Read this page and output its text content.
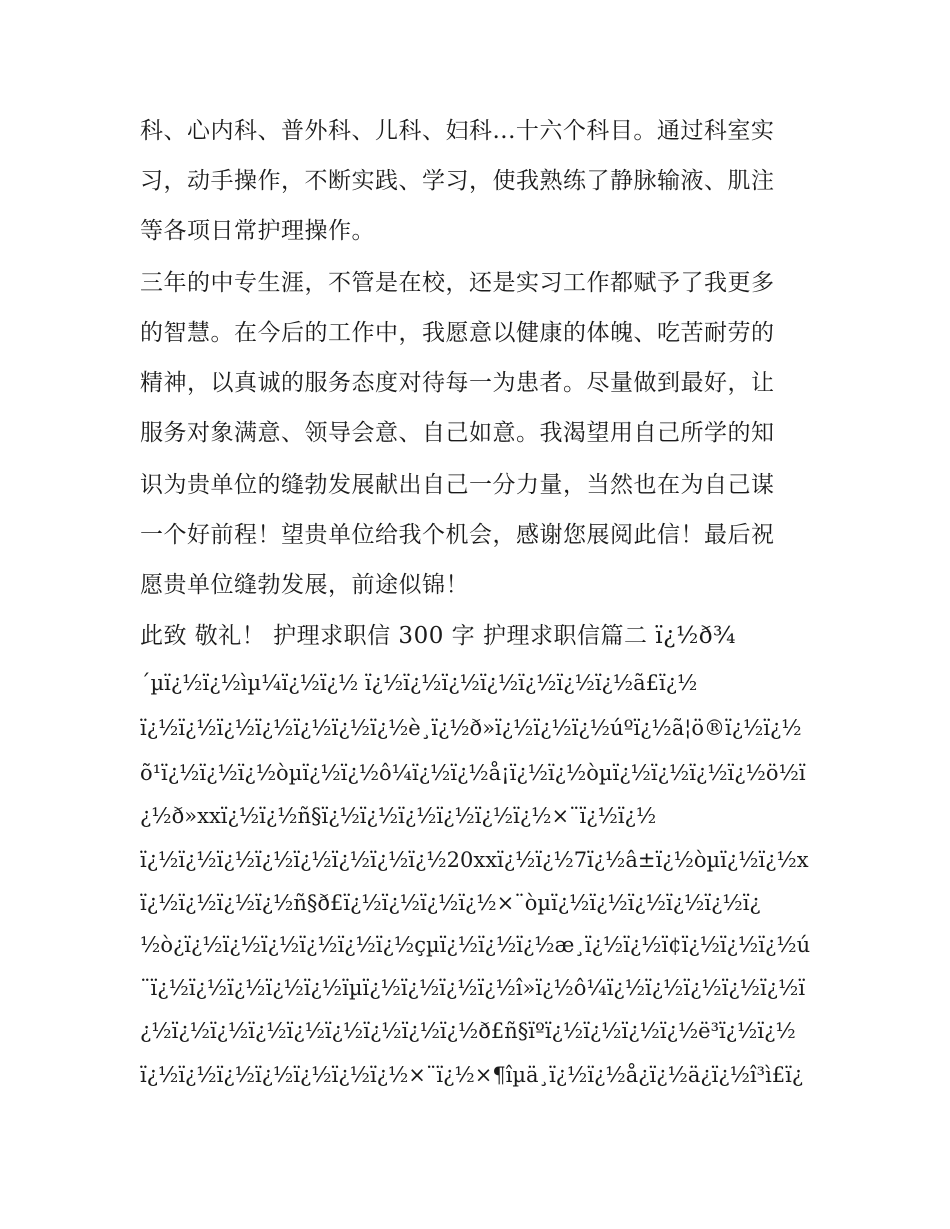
科、心内科、普外科、儿科、妇科...十六个科目。通过科室实
习，动手操作，不断实践、学习，使我熟练了静脉输液、肌注
等各项日常护理操作。
三年的中专生涯，不管是在校，还是实习工作都赋予了我更多
的智慧。在今后的工作中，我愿意以健康的体魄、吃苦耐劳的
精神，以真诚的服务态度对待每一为患者。尽量做到最好，让
服务对象满意、领导会意、自己如意。我渴望用自己所学的知
识为贵单位的缝勃发展献出自己一分力量，当然也在为自己谋
一个好前程！望贵单位给我个机会，感谢您展阅此信！最后祝
愿贵单位缝勃发展，前途似锦！
此致 敬礼！ 护理求职信 300 字 护理求职信篇二 ï¿½ð¾
´µï¿½ï¿½ìµ¼ï¿½ï¿½ ï¿½ï¿½ï¿½ï¿½ï¿½ï¿½ï¿½ã£ï¿½
ï¿½ï¿½ï¿½ï¿½ï¿½ï¿½ï¿½è¸ï¿½ð»ï¿½ï¿½ï¿½úºï¿½ã¦ö®ï¿½ï¿½
õ¹ï¿½ï¿½ï¿½òµï¿½ï¿½ô¼ï¿½ï¿½å¡ï¿½ï¿½òµï¿½ï¿½ï¿½ï¿½ö½ï
¿½ð»xxï¿½ï¿½ñ§ï¿½ï¿½ï¿½ï¿½ï¿½ï¿½×¨ï¿½ï¿½
ï¿½ï¿½ï¿½ï¿½ï¿½ï¿½ï¿½ï¿½20xxï¿½ï¿½7ï¿½â±ï¿½òµï¿½ï¿½x
ï¿½ï¿½ï¿½ï¿½ñ§ð£ï¿½ï¿½ï¿½ï¿½×¨òµï¿½ï¿½ï¿½ï¿½ï¿½ï¿
½ò¿ï¿½ï¿½ï¿½ï¿½ï¿½ï¿½çµï¿½ï¿½ï¿½æ¸ï¿½ï¿½ï¢ï¿½ï¿½ï¿½ú
¨ï¿½ï¿½ï¿½ï¿½ï¿½ïµï¿½ï¿½ï¿½ï¿½î»ï¿½ô¼ï¿½ï¿½ï¿½ï¿½ï¿½ï
¿½ï¿½ï¿½ï¿½ï¿½ï¿½ï¿½ï¿½ï¿½ð£ñ§ïºï¿½ï¿½ï¿½ï¿½ë³ï¿½ï¿½
ï¿½ï¿½ï¿½ï¿½ï¿½ï¿½ï¿½×¨ï¿½×¶îµä¸ï¿½ï¿½å¿ï¿½ä¿ï¿½î³ì£ï¿
